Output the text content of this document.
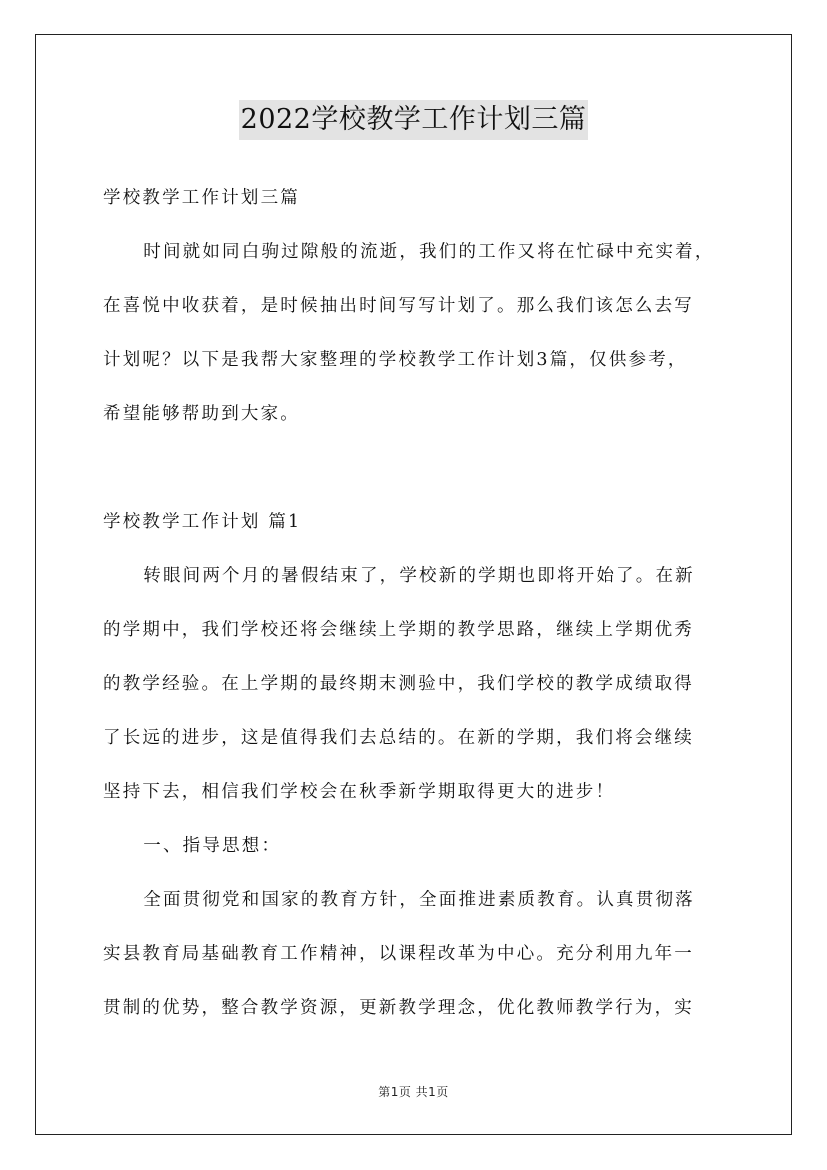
2022学校教学工作计划三篇

学校教学工作计划三篇

时间就如同白驹过隙般的流逝，我们的工作又将在忙碌中充实着，

在喜悦中收获着，是时候抽出时间写写计划了。那么我们该怎么去写

计划呢？以下是我帮大家整理的学校教学工作计划3篇，仅供参考，

希望能够帮助到大家。

学校教学工作计划 篇1

转眼间两个月的暑假结束了，学校新的学期也即将开始了。在新

的学期中，我们学校还将会继续上学期的教学思路，继续上学期优秀

的教学经验。在上学期的最终期末测验中，我们学校的教学成绩取得

了长远的进步，这是值得我们去总结的。在新的学期，我们将会继续

坚持下去，相信我们学校会在秋季新学期取得更大的进步！

一、指导思想：

全面贯彻党和国家的教育方针，全面推进素质教育。认真贯彻落

实县教育局基础教育工作精神，以课程改革为中心。充分利用九年一

贯制的优势，整合教学资源，更新教学理念，优化教师教学行为，实

第1页 共1页
